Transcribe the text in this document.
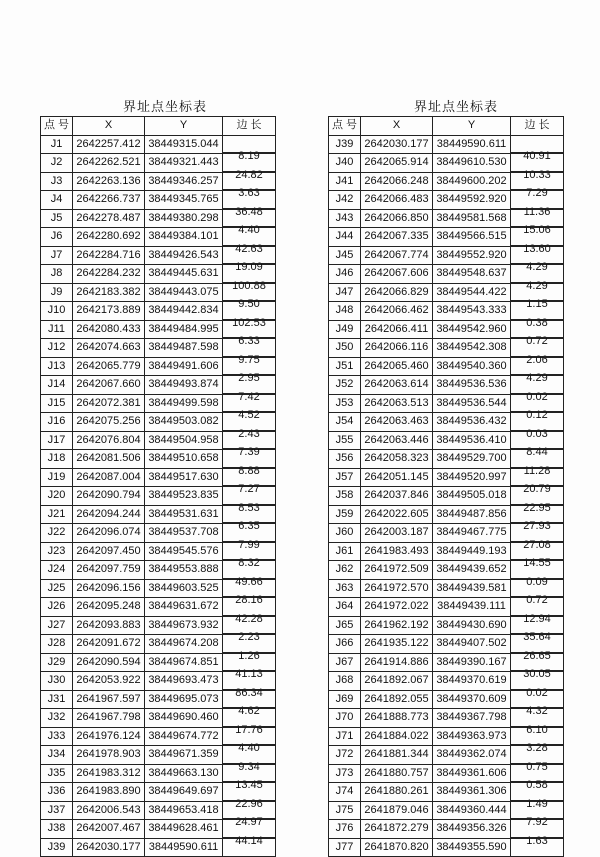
界址点坐标表	界址点坐标表
点 号	X	Y	边 长
J1	2642257.412	38449315.044	8.19

J2	2642262.521	38449321.443	24.82

J3	2642263.136	38449346.257	3.63

J4	2642266.737	38449345.765	36.48

J5	2642278.487	38449380.298	4.40

J6	2642280.692	38449384.101	42.63

J7	2642284.716	38449426.543	19.09

J8	2642284.232	38449445.631	100.88

J9	2642183.382	38449443.075	9.50

J10	2642173.889	38449442.834	102.53

J11	2642080.433	38449484.995	6.33

J12	2642074.663	38449487.598	9.75

J13	2642065.779	38449491.606	2.95

J14	2642067.660	38449493.874	7.42

J15	2642072.381	38449499.598	4.52

J16	2642075.256	38449503.082	2.43

J17	2642076.804	38449504.958	7.39

J18	2642081.506	38449510.658	8.88

J19	2642087.004	38449517.630	7.27

J20	2642090.794	38449523.835	8.53

J21	2642094.244	38449531.631	6.35

J22	2642096.074	38449537.708	7.99

J23	2642097.450	38449545.576	8.32

J24	2642097.759	38449553.888	49.66

J25	2642096.156	38449603.525	28.16

J26	2642095.248	38449631.672	42.28

J27	2642093.883	38449673.932	2.23

J28	2642091.672	38449674.208	1.26

J29	2642090.594	38449674.851	41.13

J30	2642053.922	38449693.473	86.34

J31	2641967.597	38449695.073	4.62

J32	2641967.798	38449690.460	17.76

J33	2641976.124	38449674.772	4.40

J34	2641978.903	38449671.359	9.34

J35	2641983.312	38449663.130	13.45

J36	2641983.890	38449649.697	22.96

J37	2642006.543	38449653.418	24.97

J38	2642007.467	38449628.461	44.14

J39	2642030.177	38449590.611	
点 号	X	Y	边 长
J39	2642030.177	38449590.611	40.91

J40	2642065.914	38449610.530	10.33

J41	2642066.248	38449600.202	7.29

J42	2642066.483	38449592.920	11.36

J43	2642066.850	38449581.568	15.06

J44	2642067.335	38449566.515	13.60

J45	2642067.774	38449552.920	4.29

J46	2642067.606	38449548.637	4.29

J47	2642066.829	38449544.422	1.15

J48	2642066.462	38449543.333	0.38

J49	2642066.411	38449542.960	0.72

J50	2642066.116	38449542.308	2.06

J51	2642065.460	38449540.360	4.29

J52	2642063.614	38449536.536	0.02

J53	2642063.513	38449536.544	0.12

J54	2642063.463	38449536.432	0.03

J55	2642063.446	38449536.410	8.44

J56	2642058.323	38449529.700	11.28

J57	2642051.145	38449520.997	20.79

J58	2642037.846	38449505.018	22.95

J59	2642022.605	38449487.856	27.93

J60	2642003.187	38449467.775	27.08

J61	2641983.493	38449449.193	14.55

J62	2641972.509	38449439.652	0.09

J63	2641972.570	38449439.581	0.72

J64	2641972.022	38449439.111	12.94

J65	2641962.192	38449430.690	35.64

J66	2641935.122	38449407.502	26.65

J67	2641914.886	38449390.167	30.05

J68	2641892.067	38449370.619	0.02

J69	2641892.055	38449370.609	4.32

J70	2641888.773	38449367.798	6.10

J71	2641884.022	38449363.973	3.28

J72	2641881.344	38449362.074	0.75

J73	2641880.757	38449361.606	0.58

J74	2641880.261	38449361.306	1.49

J75	2641879.046	38449360.444	7.92

J76	2641872.279	38449356.326	1.63

J77	2641870.820	38449355.590	
